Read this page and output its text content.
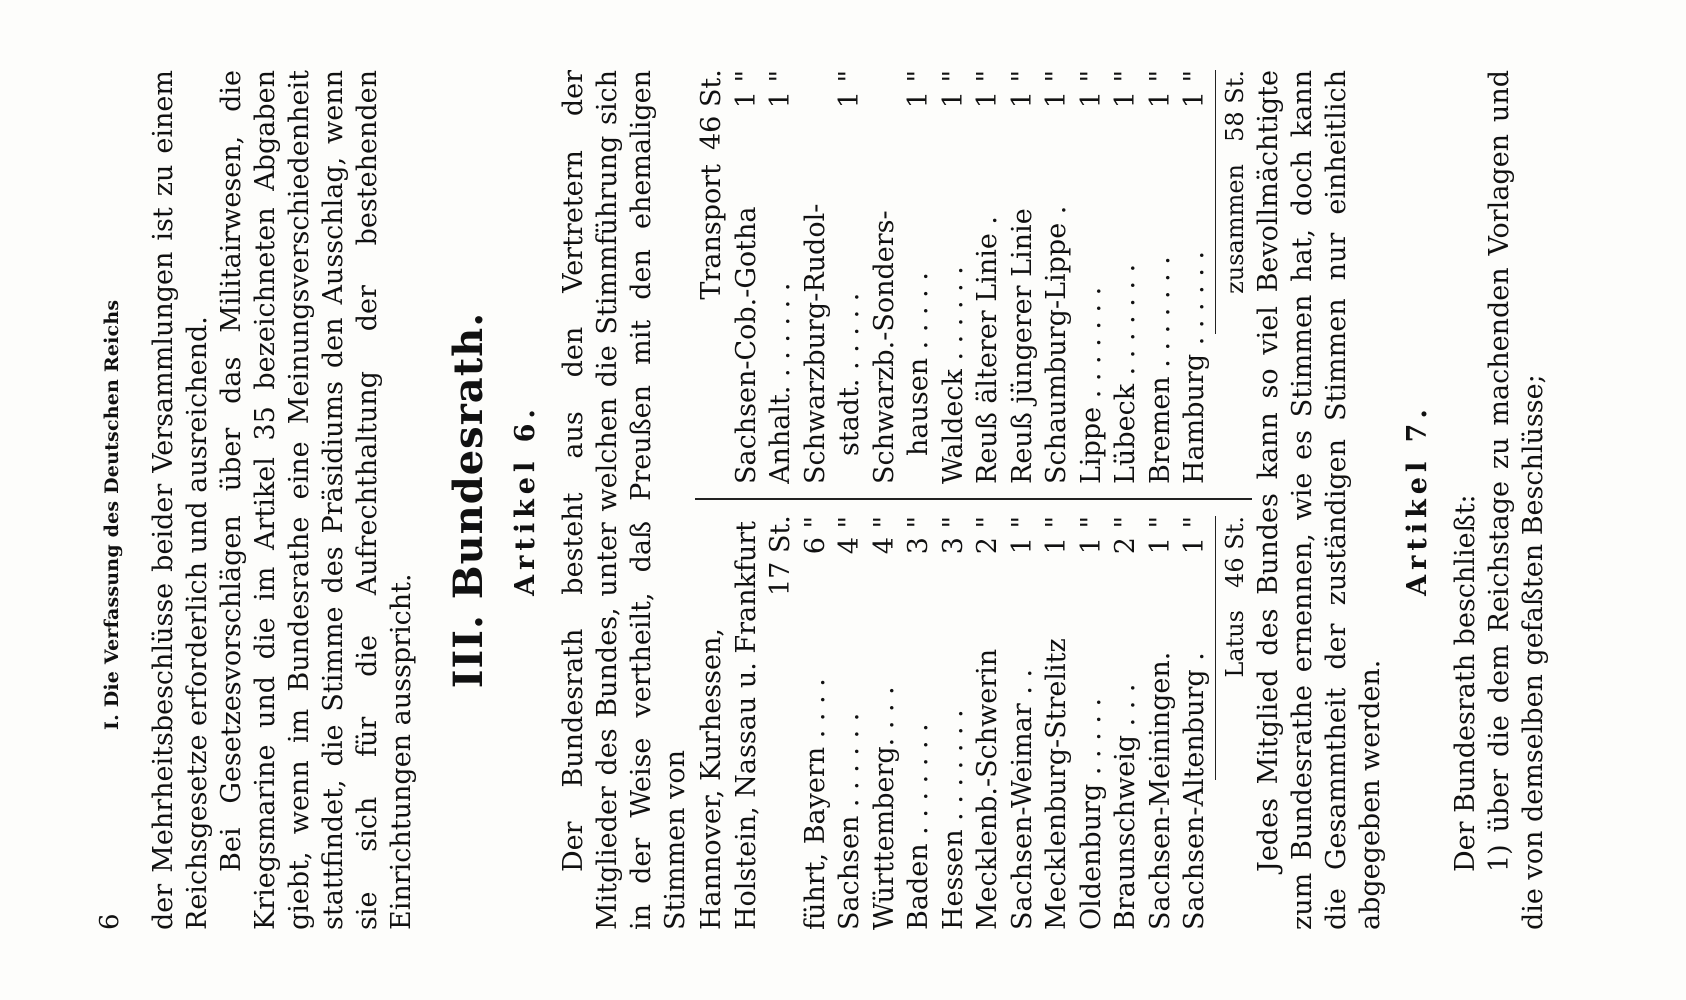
6
I. Die Verfassung des Deutschen Reichs der Mehrheitsbeschlüsse beider Versammlungen ist zu einem Reichsgesetze erforderlich und ausreichend. Bei Gesetzesvorschlägen über das Militairwesen, die Kriegsmarine und die im Artikel 35 bezeichneten Abgaben giebt, wenn im Bundesrathe eine Meinungsverschiedenheit stattfindet, die Stimme des Präsidiums den Ausschlag, wenn sie sich für die Aufrechthaltung der bestehenden Einrichtungen ausspricht.

III. Bundesrath. Artikel 6. Der Bundesrath besteht aus den Vertretern der Mitglieder des Bundes, unter welchen die Stimmführung sich in der Weise vertheilt, daß Preußen mit den ehemaligen Stimmen von Hannover, Kurhessen, Holstein, Nassau u. Frankfurt 17 St.
führt, Bayern . . . .
6 "
Sachsen . . . . . .
4 "
Württemberg. . . .
4 "
Baden . . . . . . .
3 "
Hessen . . . . . . .
3 "
Mecklenb.-Schwerin
2 "
Sachsen-Weimar . .
1 "
Mecklenburg-Strelitz
1 "
Oldenburg . . . . .
1 "
Braunschweig . . .
2 "
Sachsen-Meiningen.
1 "
Sachsen-Altenburg .
1 "
Latus
46 St.
Transport
46 St.
Sachsen-Cob.-Gotha
1 "
Anhalt. . . . . . .
1 "
Schwarzburg-Rudol- stadt. . . . . .
1 "
Schwarzb.-Sonders- hausen . . . . .
1 "
Waldeck . . . . . .
1 "
Reuß älterer Linie .
1 "
Reuß jüngerer Linie
1 "
Schaumburg-Lippe .
1 "
Lippe . . . . . . .
1 "
Lübeck . . . . . . .
1 "
Bremen . . . . . . .
1 "
Hamburg . . . . . .
1 "
zusammen
58 St. Jedes Mitglied des Bundes kann so viel Bevollmächtigte zum Bundesrathe ernennen, wie es Stimmen hat, doch kann die Gesammtheit der zuständigen Stimmen nur einheitlich abgegeben werden.

Artikel 7. Der Bundesrath beschließt: 1) über die dem Reichstage zu machenden Vorlagen und die von demselben gefaßten Beschlüsse;
